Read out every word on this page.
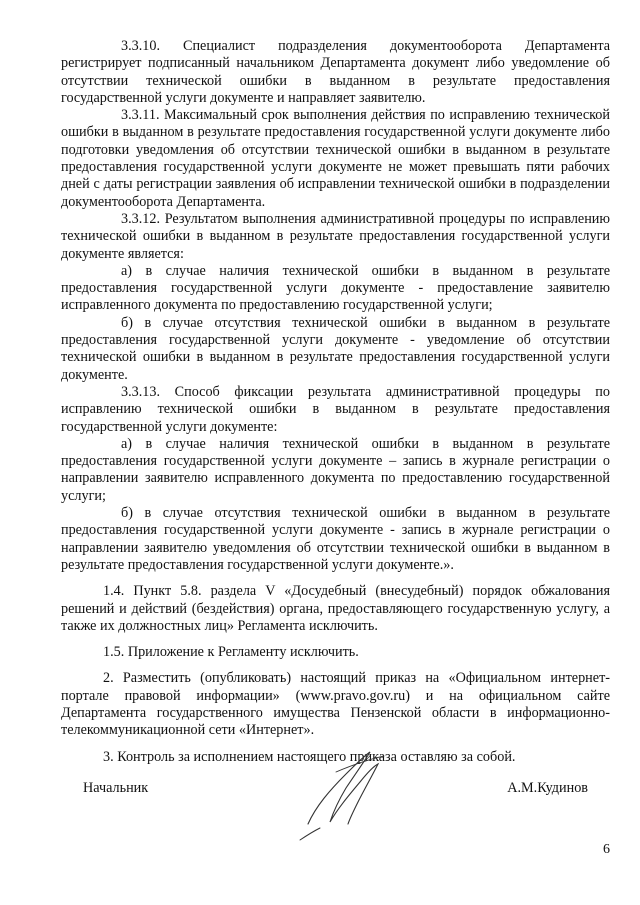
3.3.10. Специалист подразделения документооборота Департамента регистрирует подписанный начальником Департамента документ либо уведомление об отсутствии технической ошибки в выданном в результате предоставления государственной услуги документе и направляет заявителю.

3.3.11. Максимальный срок выполнения действия по исправлению технической ошибки в выданном в результате предоставления государственной услуги документе либо подготовки уведомления об отсутствии технической ошибки в выданном в результате предоставления государственной услуги документе не может превышать пяти рабочих дней с даты регистрации заявления об исправлении технической ошибки в подразделении документооборота Департамента.

3.3.12. Результатом выполнения административной процедуры по исправлению технической ошибки в выданном в результате предоставления государственной услуги документе является:

а) в случае наличия технической ошибки в выданном в результате предоставления государственной услуги документе - предоставление заявителю исправленного документа по предоставлению государственной услуги;

б) в случае отсутствия технической ошибки в выданном в результате предоставления государственной услуги документе - уведомление об отсутствии технической ошибки в выданном в результате предоставления государственной услуги документе.

3.3.13. Способ фиксации результата административной процедуры по исправлению технической ошибки в выданном в результате предоставления государственной услуги документе:

а) в случае наличия технической ошибки в выданном в результате предоставления государственной услуги документе – запись в журнале регистрации о направлении заявителю исправленного документа по предоставлению государственной услуги;

б) в случае отсутствия технической ошибки в выданном в результате предоставления государственной услуги документе - запись в журнале регистрации о направлении заявителю уведомления об отсутствии технической ошибки в выданном в результате предоставления государственной услуги документе.».

1.4. Пункт 5.8. раздела V «Досудебный (внесудебный) порядок обжалования решений и действий (бездействия) органа, предоставляющего государственную услугу, а также их должностных лиц» Регламента исключить.

1.5. Приложение к Регламенту исключить.

2. Разместить (опубликовать) настоящий приказ на «Официальном интернет-портале правовой информации» (www.pravo.gov.ru) и на официальном сайте Департамента государственного имущества Пензенской области в информационно-телекоммуникационной сети «Интернет».

3. Контроль за исполнением настоящего приказа оставляю за собой.

Начальник	А.М.Кудинов
6
